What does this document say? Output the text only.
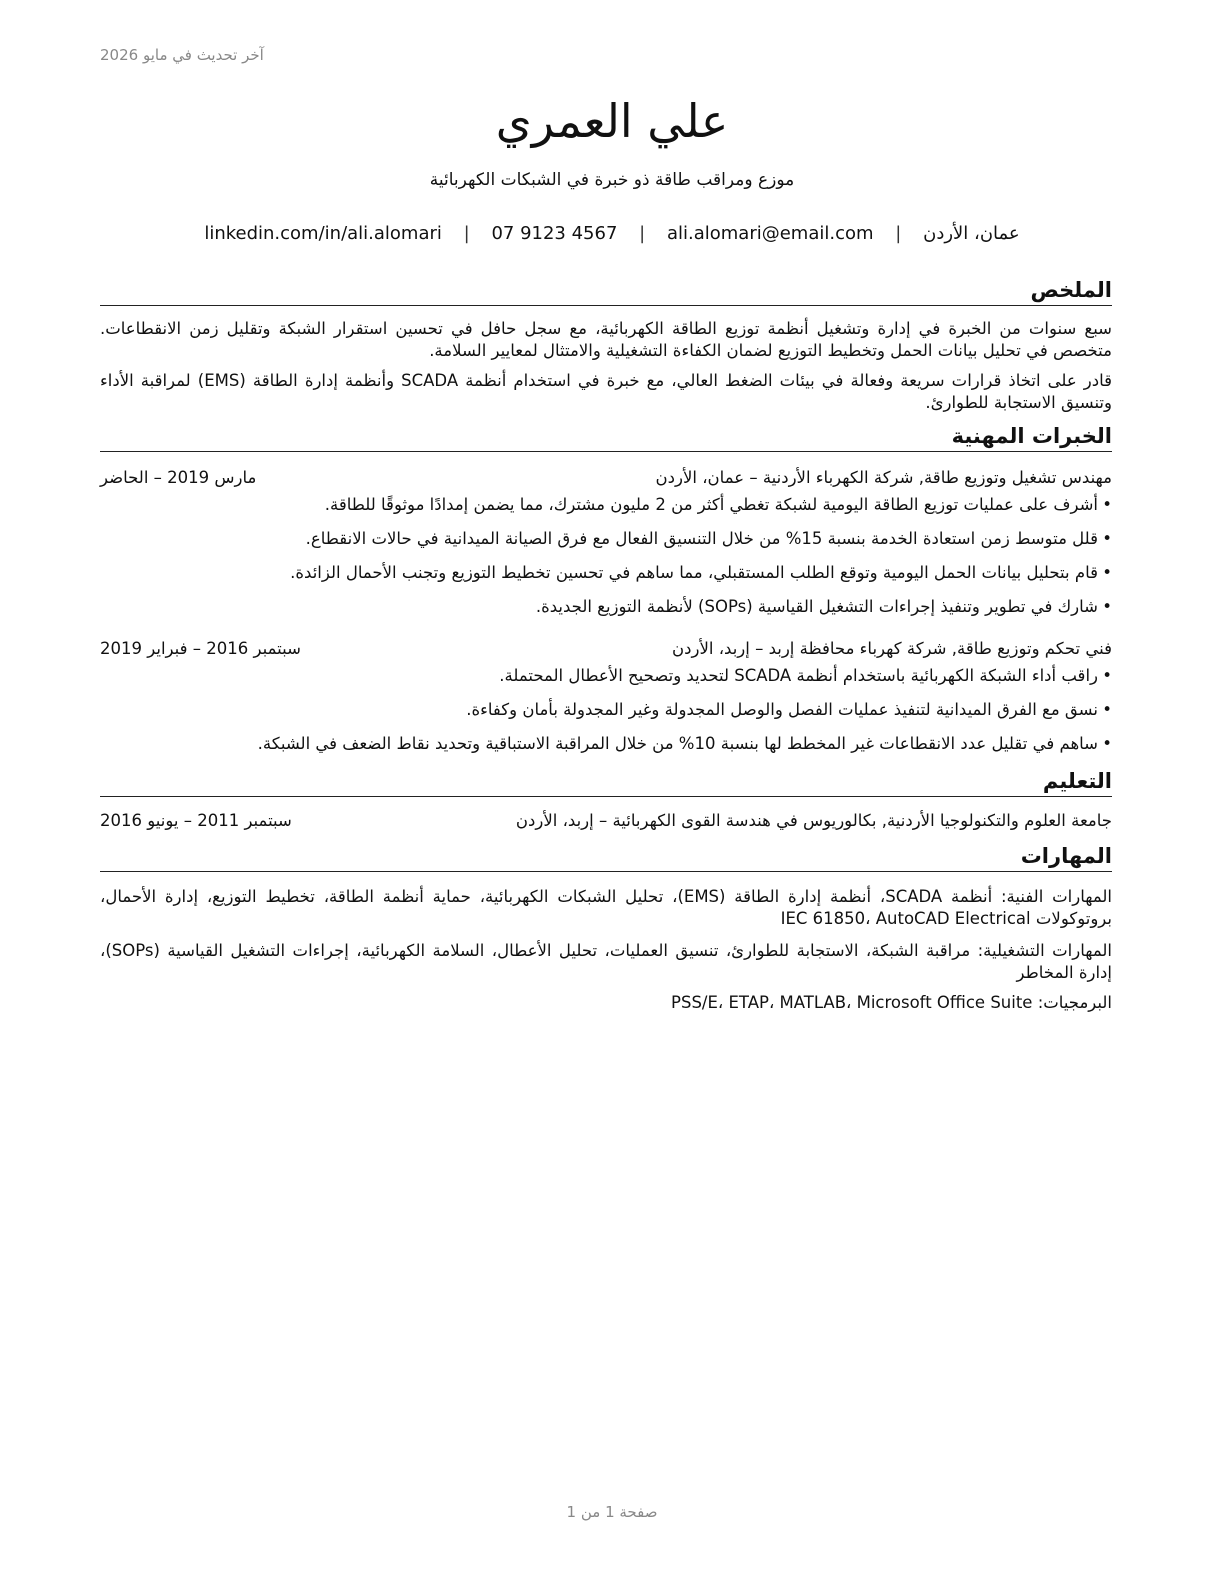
آخر تحديث في مايو 2026
علي العمري
موزع ومراقب طاقة ذو خبرة في الشبكات الكهربائية
عمان، الأردن | ali.alomari@email.com | 07 9123 4567 | linkedin.com/in/ali.alomari
الملخص

سبع سنوات من الخبرة في إدارة وتشغيل أنظمة توزيع الطاقة الكهربائية، مع سجل حافل في تحسين استقرار الشبكة وتقليل زمن الانقطاعات. متخصص في تحليل بيانات الحمل وتخطيط التوزيع لضمان الكفاءة التشغيلية والامتثال لمعايير السلامة.

قادر على اتخاذ قرارات سريعة وفعالة في بيئات الضغط العالي، مع خبرة في استخدام أنظمة SCADA وأنظمة إدارة الطاقة (EMS) لمراقبة الأداء وتنسيق الاستجابة للطوارئ.

الخبرات المهنية
مهندس تشغيل وتوزيع طاقة, شركة الكهرباء الأردنية – عمان، الأردن
مارس 2019 – الحاضر
•
أشرف على عمليات توزيع الطاقة اليومية لشبكة تغطي أكثر من 2 مليون مشترك، مما يضمن إمدادًا موثوقًا للطاقة.
•
قلل متوسط زمن استعادة الخدمة بنسبة 15% من خلال التنسيق الفعال مع فرق الصيانة الميدانية في حالات الانقطاع.
•
قام بتحليل بيانات الحمل اليومية وتوقع الطلب المستقبلي، مما ساهم في تحسين تخطيط التوزيع وتجنب الأحمال الزائدة.
•
شارك في تطوير وتنفيذ إجراءات التشغيل القياسية (SOPs) لأنظمة التوزيع الجديدة.
فني تحكم وتوزيع طاقة, شركة كهرباء محافظة إربد – إربد، الأردن
سبتمبر 2016 – فبراير 2019
•
راقب أداء الشبكة الكهربائية باستخدام أنظمة SCADA لتحديد وتصحيح الأعطال المحتملة.
•
نسق مع الفرق الميدانية لتنفيذ عمليات الفصل والوصل المجدولة وغير المجدولة بأمان وكفاءة.
•
ساهم في تقليل عدد الانقطاعات غير المخطط لها بنسبة 10% من خلال المراقبة الاستباقية وتحديد نقاط الضعف في الشبكة.
التعليم
جامعة العلوم والتكنولوجيا الأردنية, بكالوريوس في هندسة القوى الكهربائية – إربد، الأردن
سبتمبر 2011 – يونيو 2016
المهارات
المهارات الفنية: أنظمة SCADA، أنظمة إدارة الطاقة (EMS)، تحليل الشبكات الكهربائية، حماية أنظمة الطاقة، تخطيط التوزيع، إدارة الأحمال، بروتوكولات IEC 61850، AutoCAD Electrical
المهارات التشغيلية: مراقبة الشبكة، الاستجابة للطوارئ، تنسيق العمليات، تحليل الأعطال، السلامة الكهربائية، إجراءات التشغيل القياسية (SOPs)، إدارة المخاطر
البرمجيات: PSS/E، ETAP، MATLAB، Microsoft Office Suite
صفحة 1 من 1
